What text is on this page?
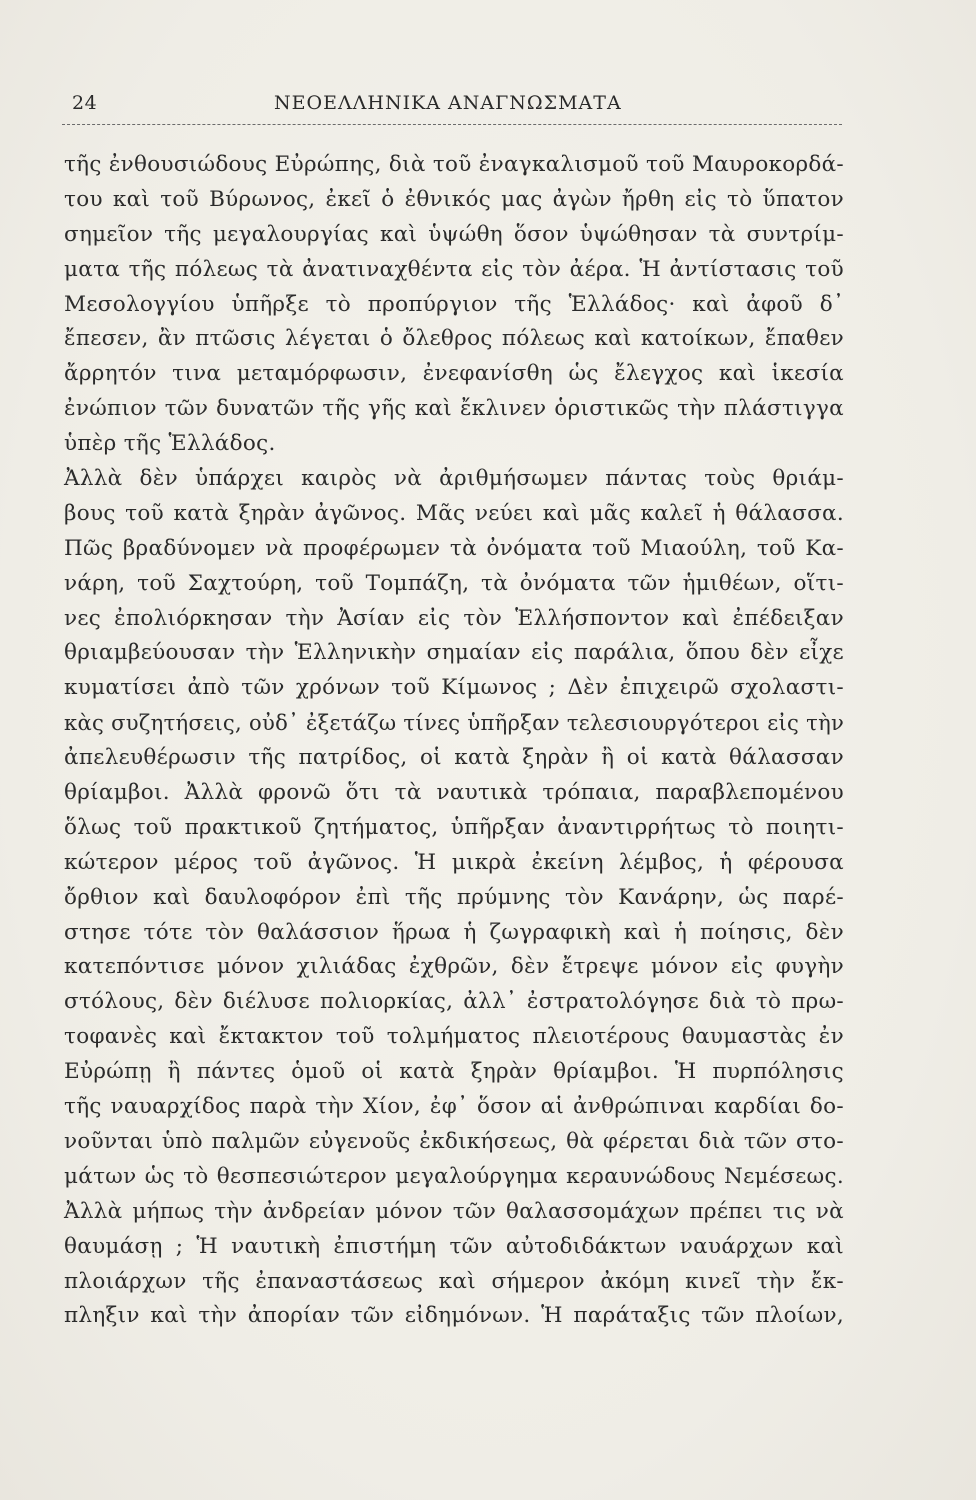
24	ΝΕΟΕΛΛΗΝΙΚΑ ΑΝΑΓΝΩΣΜΑΤΑ
τῆς ἐνθουσιώδους Εὐρώπης, διὰ τοῦ ἐναγκαλισμοῦ τοῦ Μαυροκορδά-
του καὶ τοῦ Βύρωνος, ἐκεῖ ὁ ἐθνικός μας ἀγὼν ἤρθη εἰς τὸ ὕπατον
σημεῖον τῆς μεγαλουργίας καὶ ὑψώθη ὅσον ὑψώθησαν τὰ συντρίμ-
ματα τῆς πόλεως τὰ ἀνατιναχθέντα εἰς τὸν ἀέρα. Ἡ ἀντίστασις τοῦ
Μεσολογγίου ὑπῆρξε τὸ προπύργιον τῆς Ἑλλάδος· καὶ ἀφοῦ δ᾽
ἔπεσεν, ἂν πτῶσις λέγεται ὁ ὄλεθρος πόλεως καὶ κατοίκων, ἔπαθεν
ἄρρητόν τινα μεταμόρφωσιν, ἐνεφανίσθη ὡς ἔλεγχος καὶ ἱκεσία
ἐνώπιον τῶν δυνατῶν τῆς γῆς καὶ ἔκλινεν ὁριστικῶς τὴν πλάστιγγα
ὑπὲρ τῆς Ἑλλάδος.
Ἀλλὰ δὲν ὑπάρχει καιρὸς νὰ ἀριθμήσωμεν πάντας τοὺς θριάμ-
βους τοῦ κατὰ ξηρὰν ἀγῶνος. Μᾶς νεύει καὶ μᾶς καλεῖ ἡ θάλασσα.
Πῶς βραδύνομεν νὰ προφέρωμεν τὰ ὀνόματα τοῦ Μιαούλη, τοῦ Κα-
νάρη, τοῦ Σαχτούρη, τοῦ Τομπάζη, τὰ ὀνόματα τῶν ἡμιθέων, οἵτι-
νες ἐπολιόρκησαν τὴν Ἀσίαν εἰς τὸν Ἑλλήσποντον καὶ ἐπέδειξαν
θριαμβεύουσαν τὴν Ἑλληνικὴν σημαίαν εἰς παράλια, ὅπου δὲν εἶχε
κυματίσει ἀπὸ τῶν χρόνων τοῦ Κίμωνος ; Δὲν ἐπιχειρῶ σχολαστι-
κὰς συζητήσεις, οὐδ᾽ ἐξετάζω τίνες ὑπῆρξαν τελεσιουργότεροι εἰς τὴν
ἀπελευθέρωσιν τῆς πατρίδος, οἱ κατὰ ξηρὰν ἢ οἱ κατὰ θάλασσαν
θρίαμβοι. Ἀλλὰ φρονῶ ὅτι τὰ ναυτικὰ τρόπαια, παραβλεπομένου
ὅλως τοῦ πρακτικοῦ ζητήματος, ὑπῆρξαν ἀναντιρρήτως τὸ ποιητι-
κώτερον μέρος τοῦ ἀγῶνος. Ἡ μικρὰ ἐκείνη λέμβος, ἡ φέρουσα
ὄρθιον καὶ δαυλοφόρον ἐπὶ τῆς πρύμνης τὸν Κανάρην, ὡς παρέ-
στησε τότε τὸν θαλάσσιον ἥρωα ἡ ζωγραφικὴ καὶ ἡ ποίησις, δὲν
κατεπόντισε μόνον χιλιάδας ἐχθρῶν, δὲν ἔτρεψε μόνον εἰς φυγὴν
στόλους, δὲν διέλυσε πολιορκίας, ἀλλ᾽ ἐστρατολόγησε διὰ τὸ πρω-
τοφανὲς καὶ ἔκτακτον τοῦ τολμήματος πλειοτέρους θαυμαστὰς ἐν
Εὐρώπῃ ἢ πάντες ὁμοῦ οἱ κατὰ ξηρὰν θρίαμβοι. Ἡ πυρπόλησις
τῆς ναυαρχίδος παρὰ τὴν Χίον, ἐφ᾽ ὅσον αἱ ἀνθρώπιναι καρδίαι δο-
νοῦνται ὑπὸ παλμῶν εὐγενοῦς ἐκδικήσεως, θὰ φέρεται διὰ τῶν στο-
μάτων ὡς τὸ θεσπεσιώτερον μεγαλούργημα κεραυνώδους Νεμέσεως.
Ἀλλὰ μήπως τὴν ἀνδρείαν μόνον τῶν θαλασσομάχων πρέπει τις νὰ
θαυμάσῃ ; Ἡ ναυτικὴ ἐπιστήμη τῶν αὐτοδιδάκτων ναυάρχων καὶ
πλοιάρχων τῆς ἐπαναστάσεως καὶ σήμερον ἀκόμη κινεῖ τὴν ἔκ-
πληξιν καὶ τὴν ἀπορίαν τῶν εἰδημόνων. Ἡ παράταξις τῶν πλοίων,
